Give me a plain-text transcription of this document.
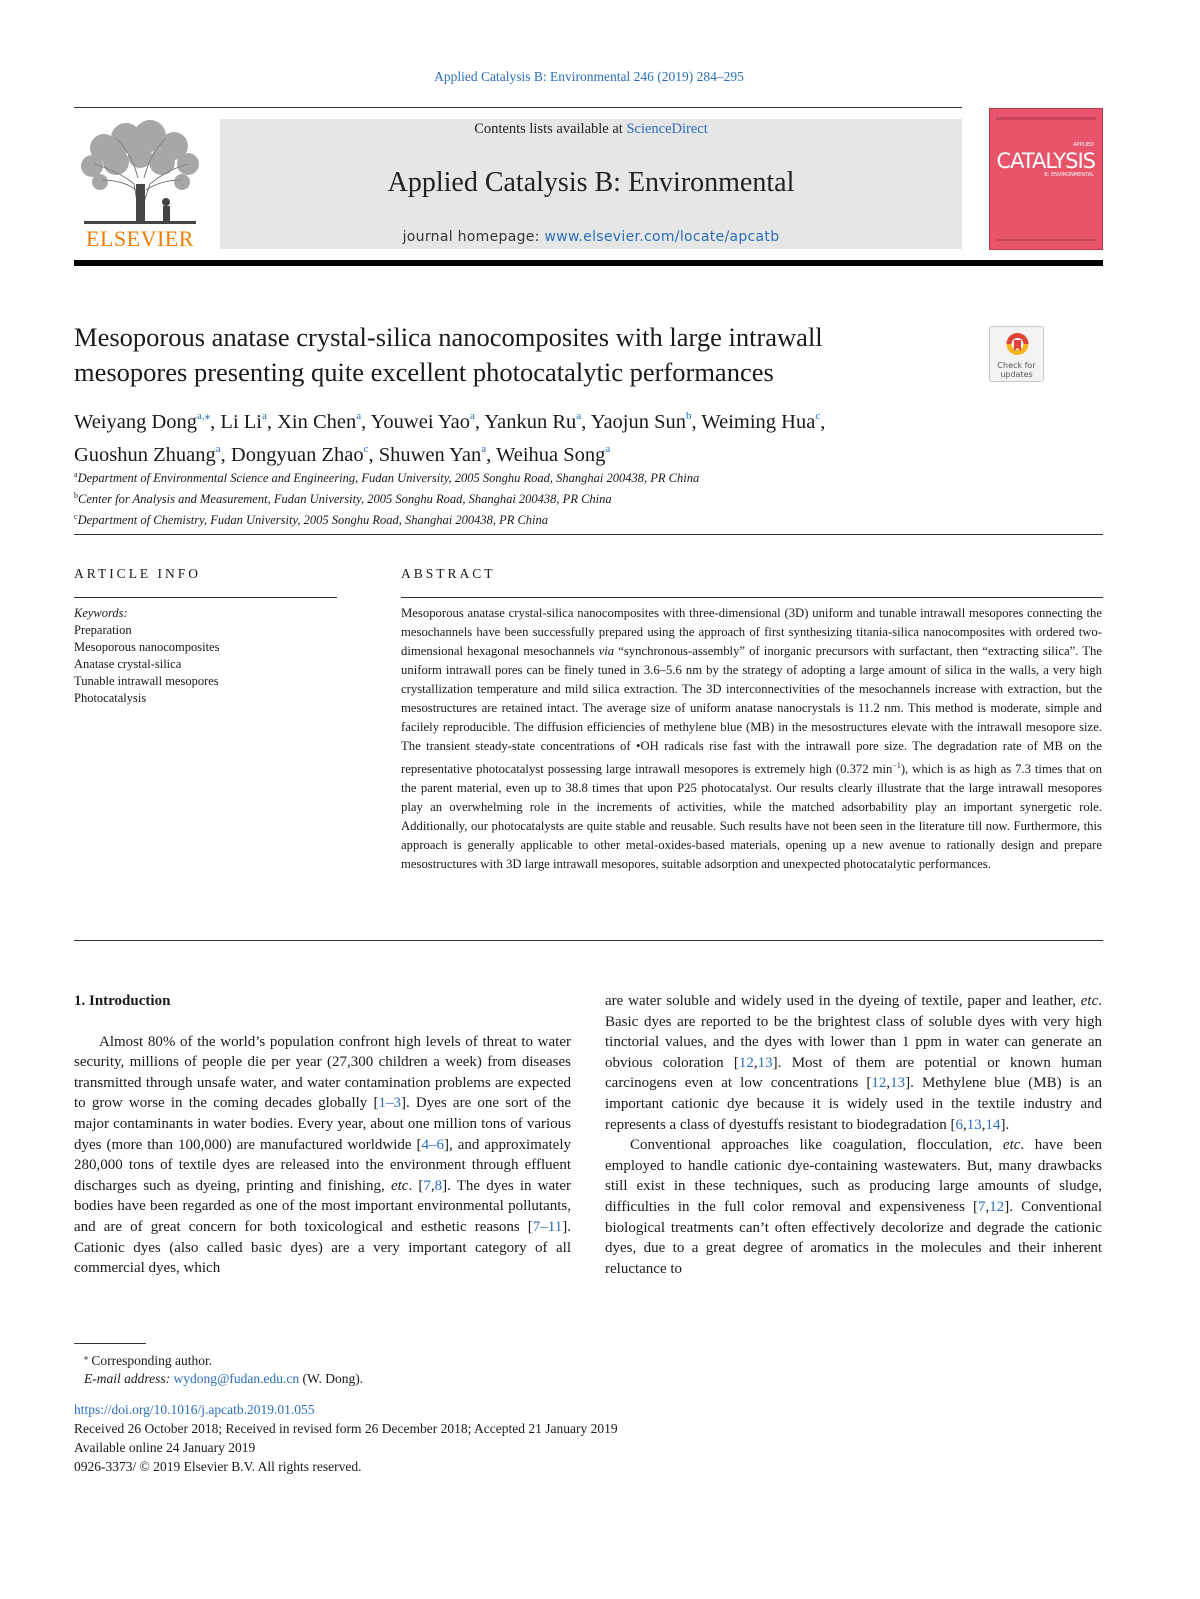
Applied Catalysis B: Environmental 246 (2019) 284–295
ELSEVIER
Contents lists available at ScienceDirect
Applied Catalysis B: Environmental
journal homepage: www.elsevier.com/locate/apcatb
APPLIED
CATALYSIS
B: ENVIRONMENTAL
Mesoporous anatase crystal-silica nanocomposites with large intrawall
mesopores presenting quite excellent photocatalytic performances	Check for
updates
Weiyang Dong$^{a,⁎}$, Li Li$^a$, Xin Chen$^a$, Youwei Yao$^a$, Yankun Ru$^a$, Yaojun Sun$^b$, Weiming Hua$^c$,
Guoshun Zhuang$^a$, Dongyuan Zhao$^c$, Shuwen Yan$^a$, Weihua Song$^a$
$^a$Department of Environmental Science and Engineering, Fudan University, 2005 Songhu Road, Shanghai 200438, PR China
$^b$Center for Analysis and Measurement, Fudan University, 2005 Songhu Road, Shanghai 200438, PR China
$^c$Department of Chemistry, Fudan University, 2005 Songhu Road, Shanghai 200438, PR China
ARTICLE INFO	ABSTRACT
Keywords:
Preparation
Mesoporous nanocomposites
Anatase crystal-silica
Tunable intrawall mesopores
Photocatalysis
Mesoporous anatase crystal-silica nanocomposites with three-dimensional (3D) uniform and tunable intrawall mesopores connecting the mesochannels have been successfully prepared using the approach of first synthesizing titania-silica nanocomposites with ordered two-dimensional hexagonal mesochannels via “synchronous-assembly” of inorganic precursors with surfactant, then “extracting silica”. The uniform intrawall pores can be finely tuned in 3.6–5.6 nm by the strategy of adopting a large amount of silica in the walls, a very high crystallization temperature and mild silica extraction. The 3D interconnectivities of the mesochannels increase with extraction, but the mesostructures are retained intact. The average size of uniform anatase nanocrystals is 11.2 nm. This method is moderate, simple and facilely reproducible. The diffusion efficiencies of methylene blue (MB) in the mesostructures elevate with the intrawall mesopore size. The transient steady-state concentrations of •OH radicals rise fast with the intrawall pore size. The degradation rate of MB on the representative photocatalyst possessing large intrawall mesopores is extremely high (0.372 $\min^{-1}$), which is as high as 7.3 times that on the parent material, even up to 38.8 times that upon P25 photocatalyst. Our results clearly illustrate that the large intrawall mesopores play an overwhelming role in the increments of activities, while the matched adsorbability play an important synergetic role. Additionally, our photocatalysts are quite stable and reusable. Such results have not been seen in the literature till now. Furthermore, this approach is generally applicable to other metal-oxides-based materials, opening up a new avenue to rationally design and prepare mesostructures with 3D large intrawall mesopores, suitable adsorption and unexpected photocatalytic performances.
1. Introduction

Almost 80% of the world’s population confront high levels of threat to water security, millions of people die per year (27,300 children a week) from diseases transmitted through unsafe water, and water contamination problems are expected to grow worse in the coming decades globally [1–3]. Dyes are one sort of the major contaminants in water bodies. Every year, about one million tons of various dyes (more than 100,000) are manufactured worldwide [4–6], and approximately 280,000 tons of textile dyes are released into the environment through effluent discharges such as dyeing, printing and finishing, etc. [7,8]. The dyes in water bodies have been regarded as one of the most important environmental pollutants, and are of great concern for both toxicological and esthetic reasons [7–11]. Cationic dyes (also called basic dyes) are a very important category of all commercial dyes, which

are water soluble and widely used in the dyeing of textile, paper and leather, etc. Basic dyes are reported to be the brightest class of soluble dyes with very high tinctorial values, and the dyes with lower than 1 ppm in water can generate an obvious coloration [12,13]. Most of them are potential or known human carcinogens even at low concentrations [12,13]. Methylene blue (MB) is an important cationic dye because it is widely used in the textile industry and represents a class of dyestuffs resistant to biodegradation [6,13,14].

Conventional approaches like coagulation, flocculation, etc. have been employed to handle cationic dye-containing wastewaters. But, many drawbacks still exist in these techniques, such as producing large amounts of sludge, difficulties in the full color removal and expensiveness [7,12]. Conventional biological treatments can’t often effectively decolorize and degrade the cationic dyes, due to a great degree of aromatics in the molecules and their inherent reluctance to

⁎ Corresponding author.
E-mail address: wydong@fudan.edu.cn (W. Dong).
https://doi.org/10.1016/j.apcatb.2019.01.055
Received 26 October 2018; Received in revised form 26 December 2018; Accepted 21 January 2019
Available online 24 January 2019
0926-3373/ © 2019 Elsevier B.V. All rights reserved.
